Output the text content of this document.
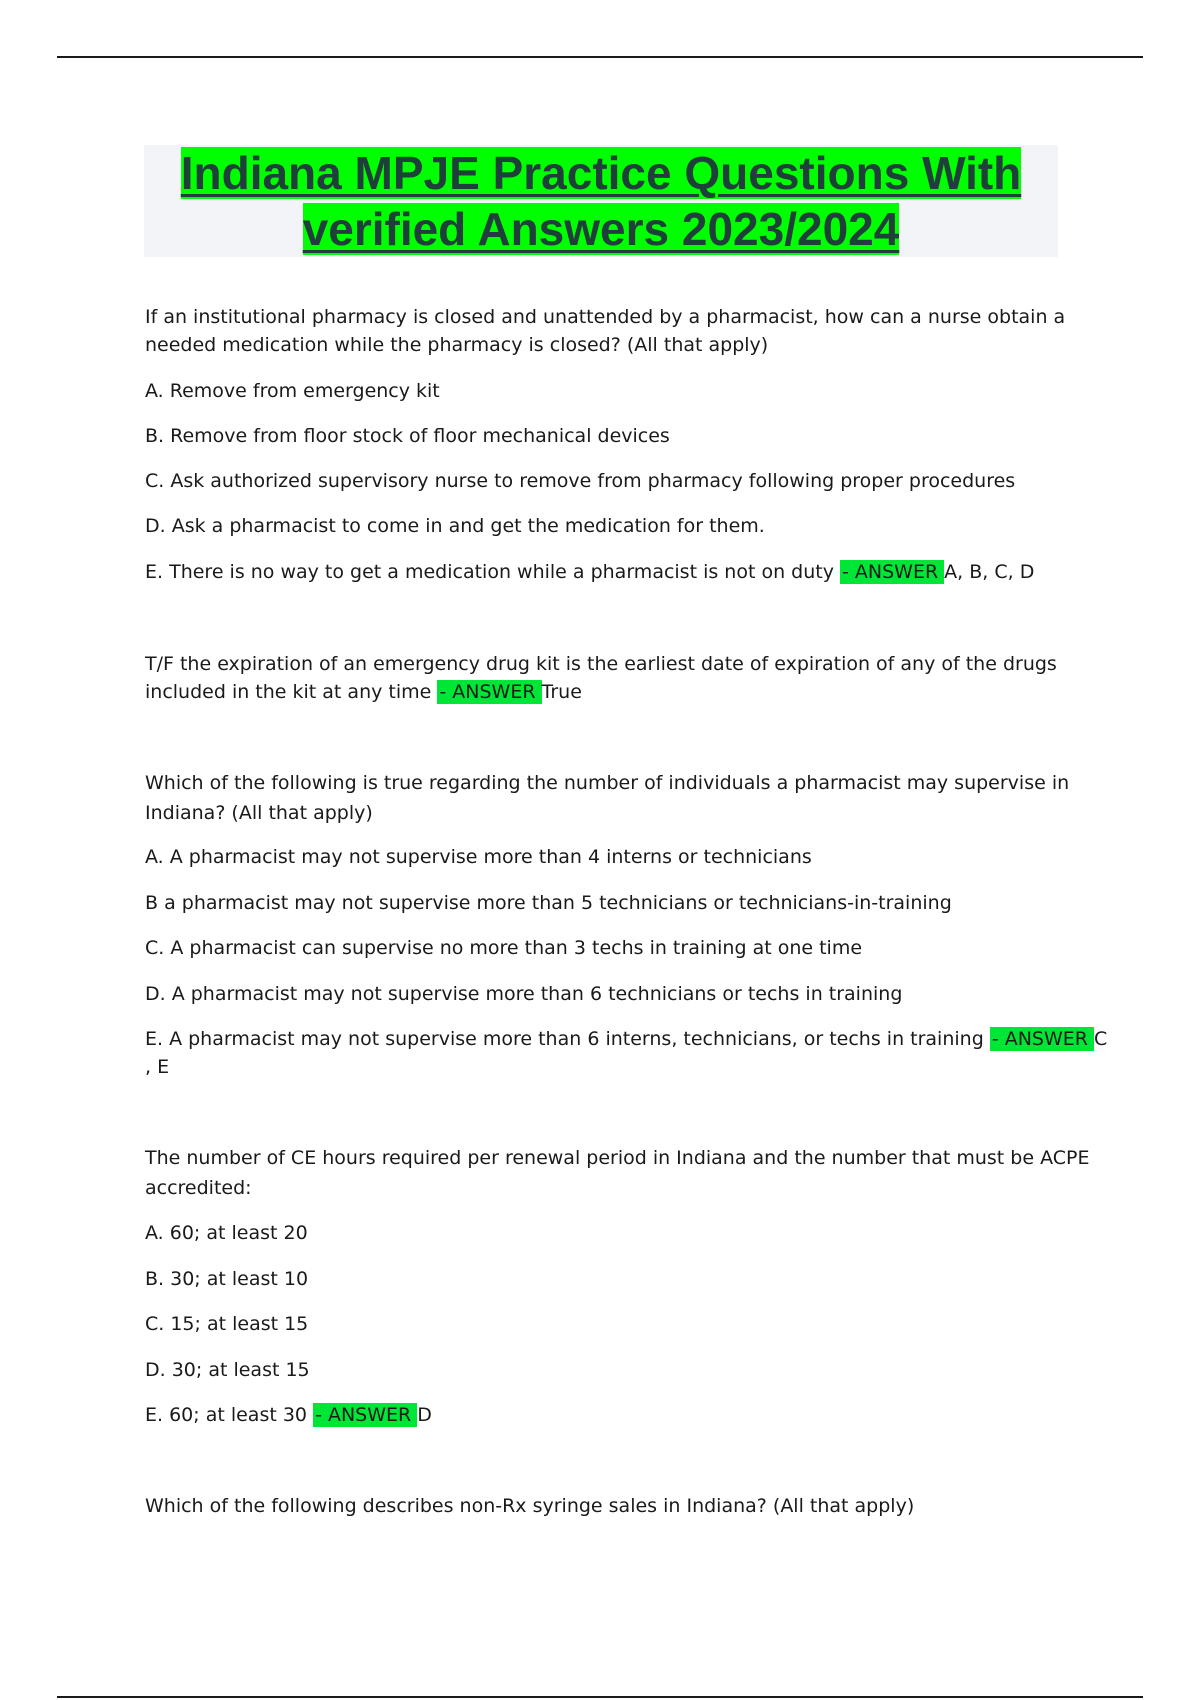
Indiana MPJE Practice Questions With
verified Answers 2023/2024
If an institutional pharmacy is closed and unattended by a pharmacist, how can a nurse obtain a
needed medication while the pharmacy is closed? (All that apply)
A. Remove from emergency kit
B. Remove from floor stock of floor mechanical devices
C. Ask authorized supervisory nurse to remove from pharmacy following proper procedures
D. Ask a pharmacist to come in and get the medication for them.
E. There is no way to get a medication while a pharmacist is not on duty - ANSWER A, B, C, D
T/F the expiration of an emergency drug kit is the earliest date of expiration of any of the drugs
included in the kit at any time - ANSWER True
Which of the following is true regarding the number of individuals a pharmacist may supervise in
Indiana? (All that apply)
A. A pharmacist may not supervise more than 4 interns or technicians
B a pharmacist may not supervise more than 5 technicians or technicians-in-training
C. A pharmacist can supervise no more than 3 techs in training at one time
D. A pharmacist may not supervise more than 6 technicians or techs in training
E. A pharmacist may not supervise more than 6 interns, technicians, or techs in training - ANSWER C
, E
The number of CE hours required per renewal period in Indiana and the number that must be ACPE
accredited:
A. 60; at least 20
B. 30; at least 10
C. 15; at least 15
D. 30; at least 15
E. 60; at least 30 - ANSWER D
Which of the following describes non-Rx syringe sales in Indiana? (All that apply)
